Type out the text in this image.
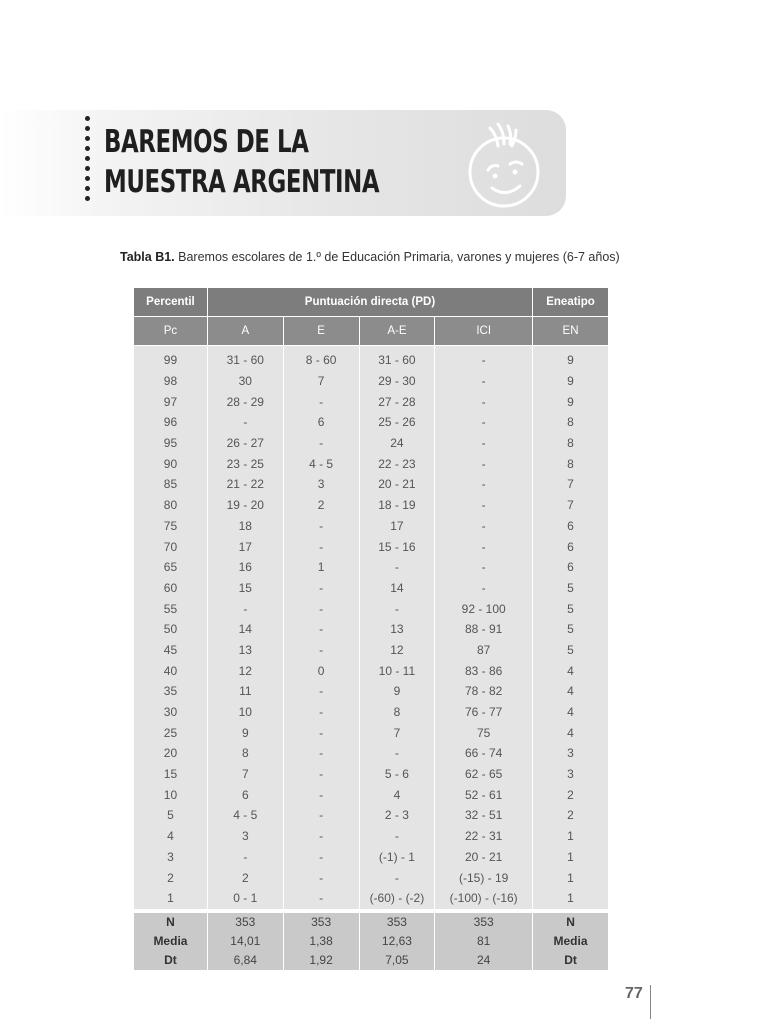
BAREMOS DE LA
MUESTRA ARGENTINA
Tabla B1. Baremos escolares de 1.º de Educación Primaria, varones y mujeres (6-7 años)
Percentil	Puntuación directa (PD)				Eneatipo
Pc	A	E	A-E	ICI	EN
99	31 - 60	8 - 60	31 - 60	-	9
98	30	7	29 - 30	-	9
97	28 - 29	-	27 - 28	-	9
96	-	6	25 - 26	-	8
95	26 - 27	-	24	-	8
90	23 - 25	4 - 5	22 - 23	-	8
85	21 - 22	3	20 - 21	-	7
80	19 - 20	2	18 - 19	-	7
75	18	-	17	-	6
70	17	-	15 - 16	-	6
65	16	1	-	-	6
60	15	-	14	-	5
55	-	-	-	92 - 100	5
50	14	-	13	88 - 91	5
45	13	-	12	87	5
40	12	0	10 - 11	83 - 86	4
35	11	-	9	78 - 82	4
30	10	-	8	76 - 77	4
25	9	-	7	75	4
20	8	-	-	66 - 74	3
15	7	-	5 - 6	62 - 65	3
10	6	-	4	52 - 61	2
5	4 - 5	-	2 - 3	32 - 51	2
4	3	-	-	22 - 31	1
3	-	-	(-1) - 1	20 - 21	1
2	2	-	-	(-15) - 19	1
1	0 - 1	-	(-60) - (-2)	(-100) - (-16)	1
N	353	353	353	353	N
Media	14,01	1,38	12,63	81	Media
Dt	6,84	1,92	7,05	24	Dt
77
